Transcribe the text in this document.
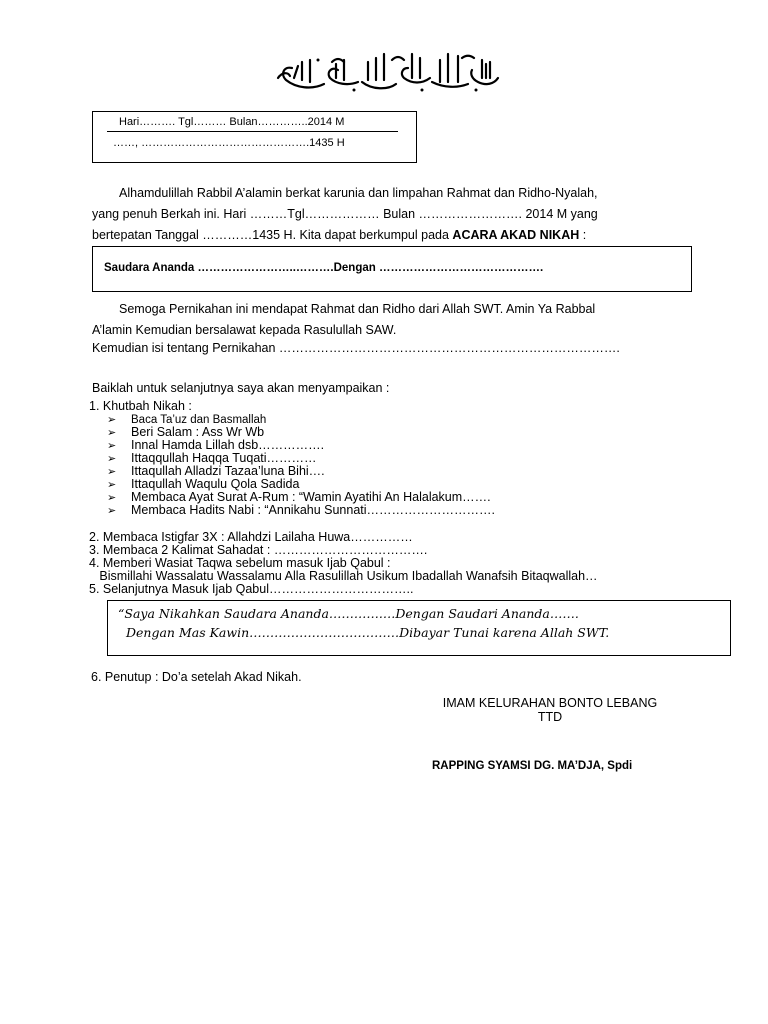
Hari………. Tgl……… Bulan…………..2014 M
……, ……………………………………….1435 H
Alhamdulillah Rabbil A’alamin berkat karunia dan limpahan Rahmat dan Ridho-Nyalah,
yang penuh Berkah ini. Hari ………Tgl……………… Bulan ……………………. 2014 M yang
bertepatan Tanggal …………1435 H. Kita dapat berkumpul pada ACARA AKAD NIKAH :
Saudara Ananda ……………………..……….Dengan …………………………………….
Semoga Pernikahan ini mendapat Rahmat dan Ridho dari Allah SWT. Amin Ya Rabbal
A’lamin Kemudian bersalawat kepada Rasulullah SAW.
Kemudian isi tentang Pernikahan ……………………………………………………………………….
Baiklah untuk selanjutnya saya akan menyampaikan :
1. Khutbah Nikah :
➢ Baca Ta’uz dan Basmallah
➢ Beri Salam : Ass Wr Wb
➢ Innal Hamda Lillah dsb…………….
➢ Ittaqqullah Haqqa Tuqati…………
➢ Ittaqullah Alladzi Tazaa’luna Bihi….
➢ Ittaqullah Waqulu Qola Sadida
➢ Membaca Ayat Surat A-Rum : “Wamin Ayatihi An Halalakum…….
➢ Membaca Hadits Nabi : “Annikahu Sunnati………………………….
2. Membaca Istigfar 3X : Allahdzi Lailaha Huwa……………
3. Membaca 2 Kalimat Sahadat : ……………………………….
4. Memberi Wasiat Taqwa sebelum masuk Ijab Qabul :
Bismillahi Wassalatu Wassalamu Alla Rasulillah Usikum Ibadallah Wanafsih Bitaqwallah…
5. Selanjutnya Masuk Ijab Qabul……………………………..
“Saya Nikahkan Saudara Ananda………….…Dengan Saudari Ananda…….
Dengan Mas Kawin………………………………Dibayar Tunai karena Allah SWT.
6. Penutup : Do’a setelah Akad Nikah.
IMAM KELURAHAN BONTO LEBANG
TTD
RAPPING SYAMSI DG. MA’DJA, Spdi
